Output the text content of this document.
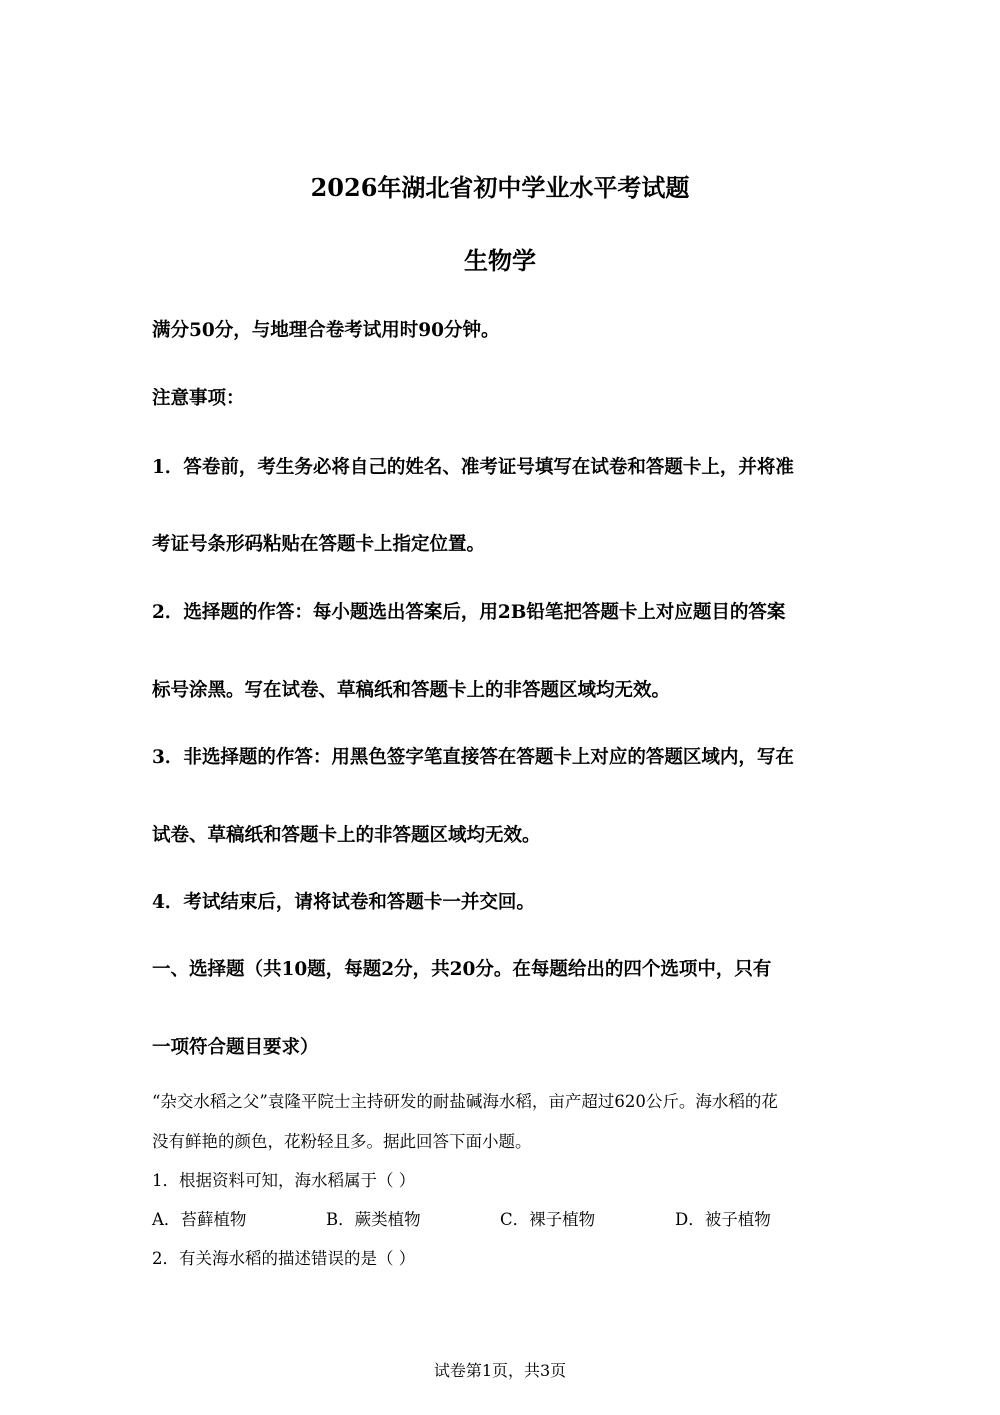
2026年湖北省初中学业水平考试题
生物学
满分50分，与地理合卷考试用时90分钟。
注意事项：
1．答卷前，考生务必将自己的姓名、准考证号填写在试卷和答题卡上，并将准
考证号条形码粘贴在答题卡上指定位置。
2．选择题的作答：每小题选出答案后，用2B铅笔把答题卡上对应题目的答案
标号涂黑。写在试卷、草稿纸和答题卡上的非答题区域均无效。
3．非选择题的作答：用黑色签字笔直接答在答题卡上对应的答题区域内，写在
试卷、草稿纸和答题卡上的非答题区域均无效。
4．考试结束后，请将试卷和答题卡一并交回。
一、选择题（共10题，每题2分，共20分。在每题给出的四个选项中，只有
一项符合题目要求）
“杂交水稻之父”袁隆平院士主持研发的耐盐碱海水稻，亩产超过620公斤。海水稻的花
没有鲜艳的颜色，花粉轻且多。据此回答下面小题。
1．根据资料可知，海水稻属于（ ）
A．苔藓植物	B．蕨类植物	C．裸子植物	D．被子植物
2．有关海水稻的描述错误的是（ ）
试卷第1页，共3页
